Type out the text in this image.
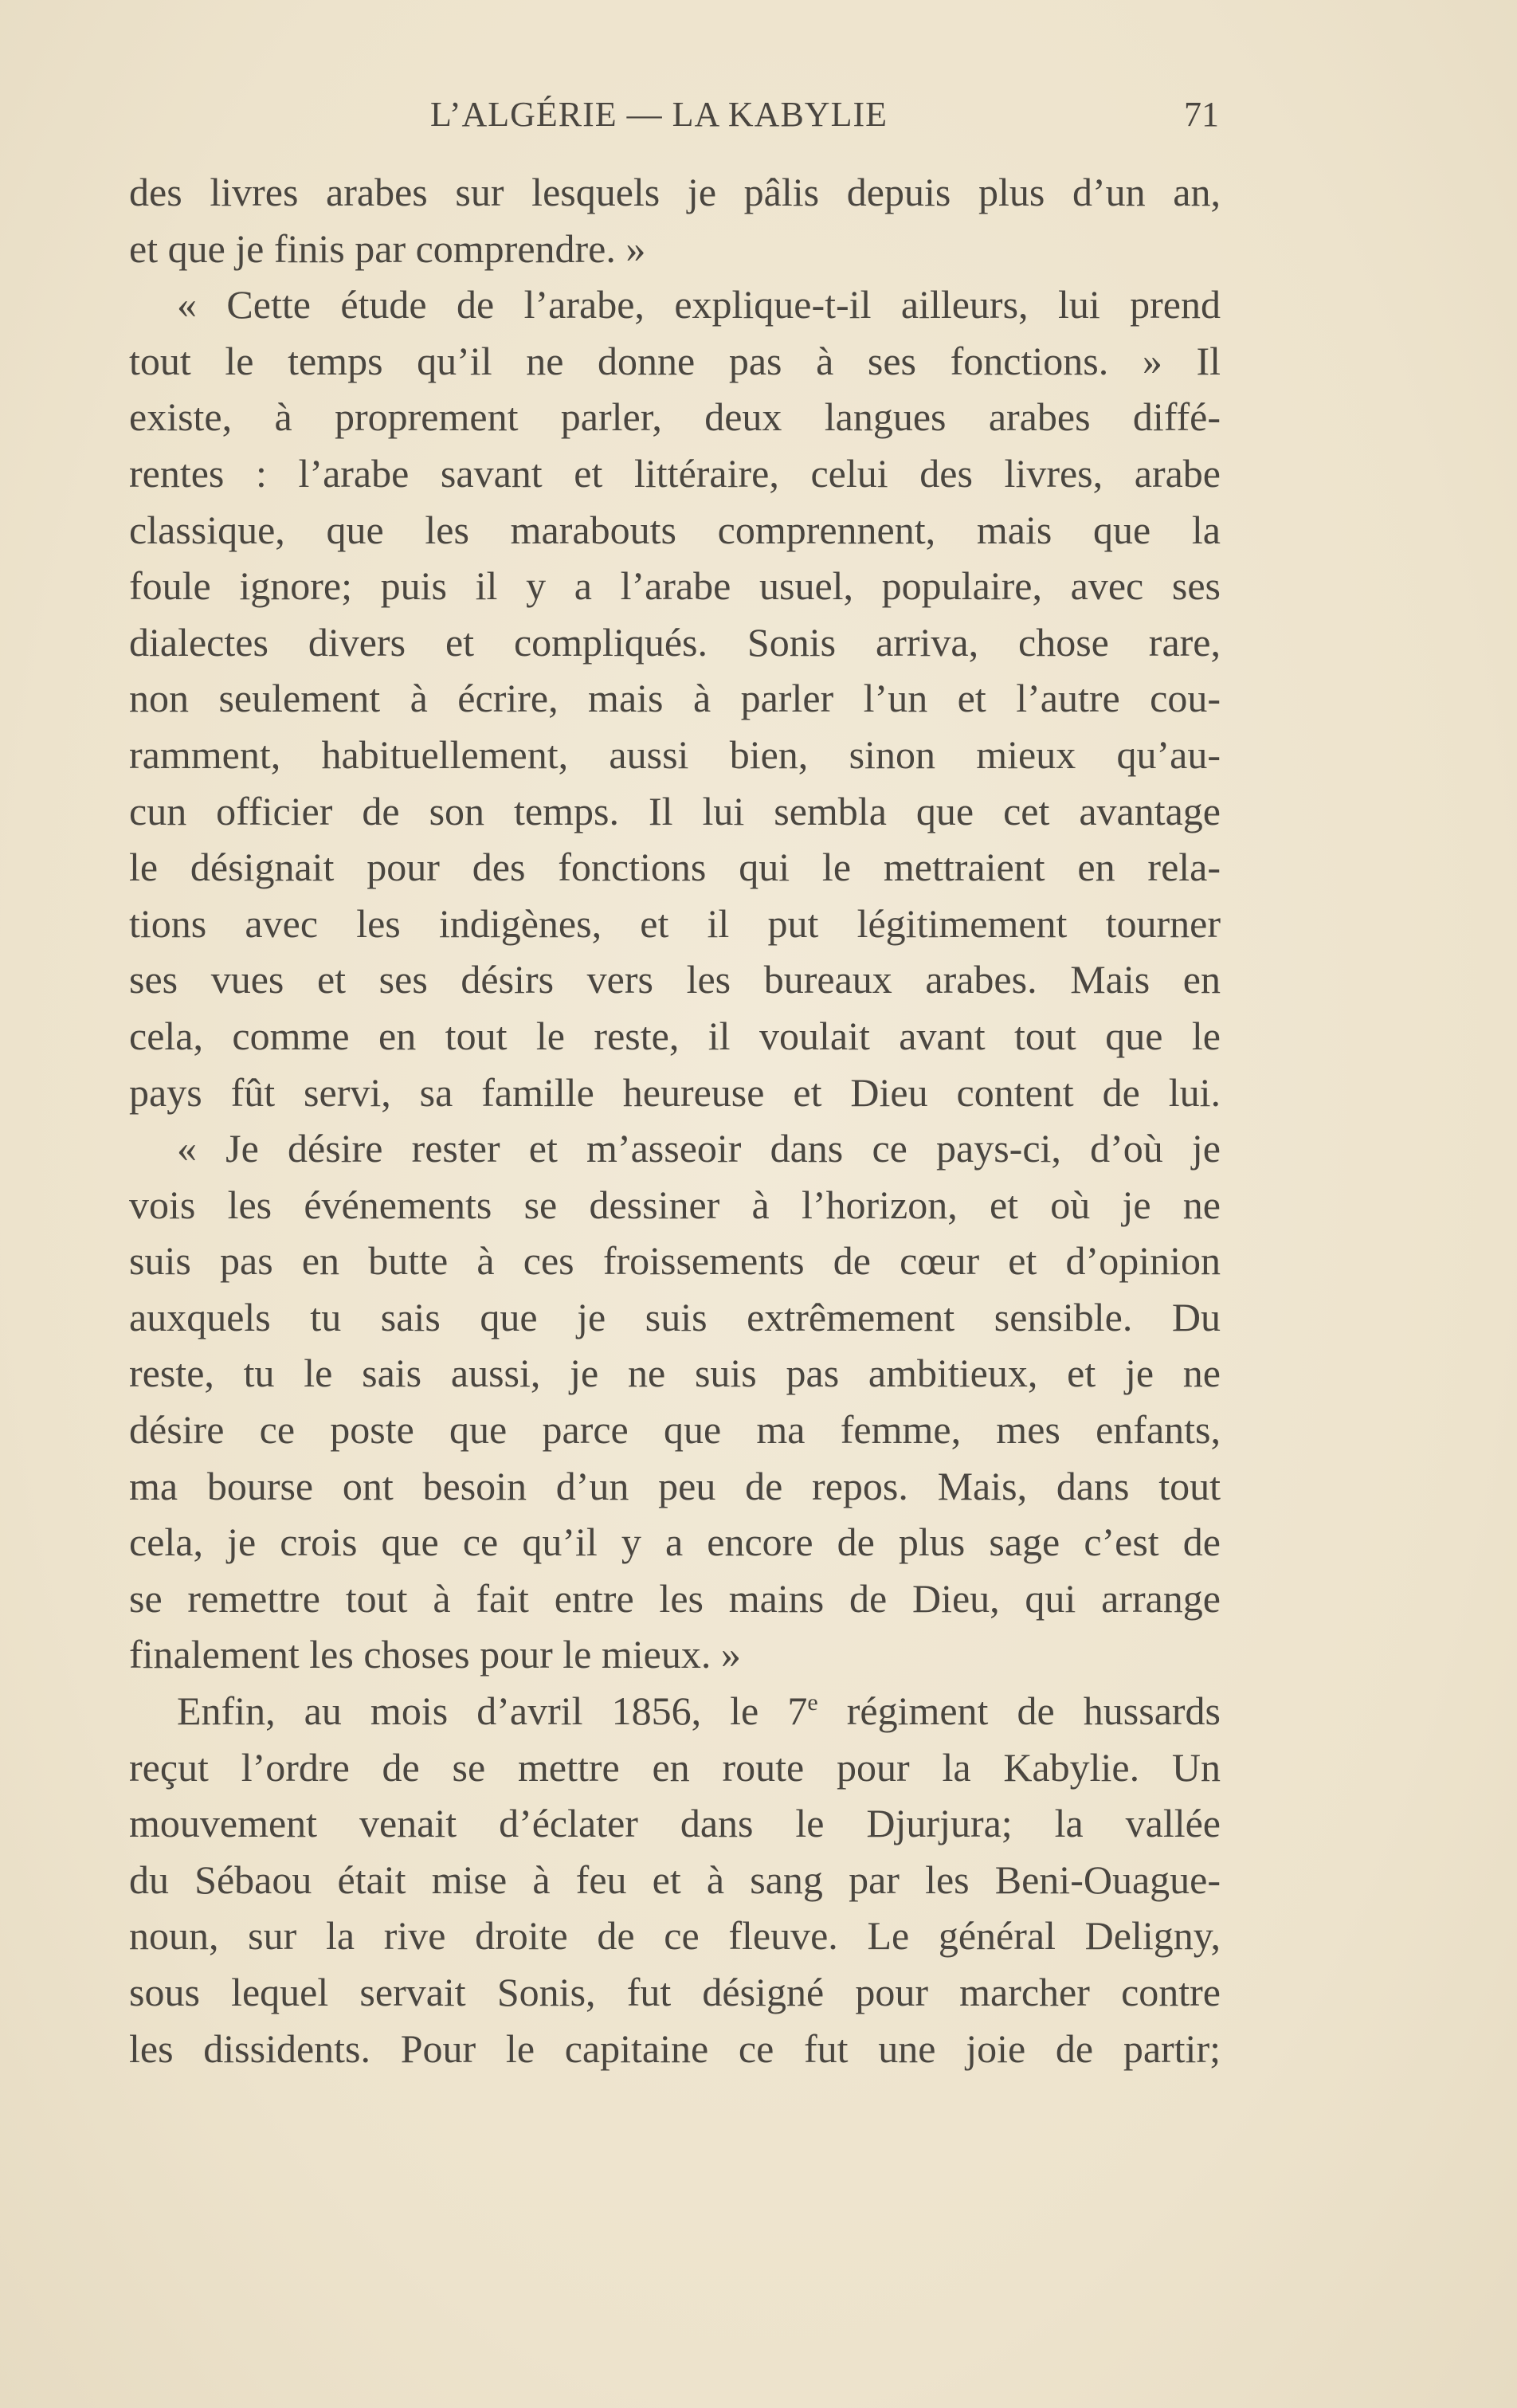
L’ALGÉRIE — LA KABYLIE	71
des livres arabes sur lesquels je pâlis depuis plus d’un an,
et que je finis par comprendre. »
« Cette étude de l’arabe, explique-t-il ailleurs, lui prend
tout le temps qu’il ne donne pas à ses fonctions. » Il
existe, à proprement parler, deux langues arabes diffé-
rentes : l’arabe savant et littéraire, celui des livres, arabe
classique, que les marabouts comprennent, mais que la
foule ignore; puis il y a l’arabe usuel, populaire, avec ses
dialectes divers et compliqués. Sonis arriva, chose rare,
non seulement à écrire, mais à parler l’un et l’autre cou-
ramment, habituellement, aussi bien, sinon mieux qu’au-
cun officier de son temps. Il lui sembla que cet avantage
le désignait pour des fonctions qui le mettraient en rela-
tions avec les indigènes, et il put légitimement tourner
ses vues et ses désirs vers les bureaux arabes. Mais en
cela, comme en tout le reste, il voulait avant tout que le
pays fût servi, sa famille heureuse et Dieu content de lui.
« Je désire rester et m’asseoir dans ce pays-ci, d’où je
vois les événements se dessiner à l’horizon, et où je ne
suis pas en butte à ces froissements de cœur et d’opinion
auxquels tu sais que je suis extrêmement sensible. Du
reste, tu le sais aussi, je ne suis pas ambitieux, et je ne
désire ce poste que parce que ma femme, mes enfants,
ma bourse ont besoin d’un peu de repos. Mais, dans tout
cela, je crois que ce qu’il y a encore de plus sage c’est de
se remettre tout à fait entre les mains de Dieu, qui arrange
finalement les choses pour le mieux. »
Enfin, au mois d’avril 1856, le 7e régiment de hussards
reçut l’ordre de se mettre en route pour la Kabylie. Un
mouvement venait d’éclater dans le Djurjura; la vallée
du Sébaou était mise à feu et à sang par les Beni-Ouague-
noun, sur la rive droite de ce fleuve. Le général Deligny,
sous lequel servait Sonis, fut désigné pour marcher contre
les dissidents. Pour le capitaine ce fut une joie de partir;
